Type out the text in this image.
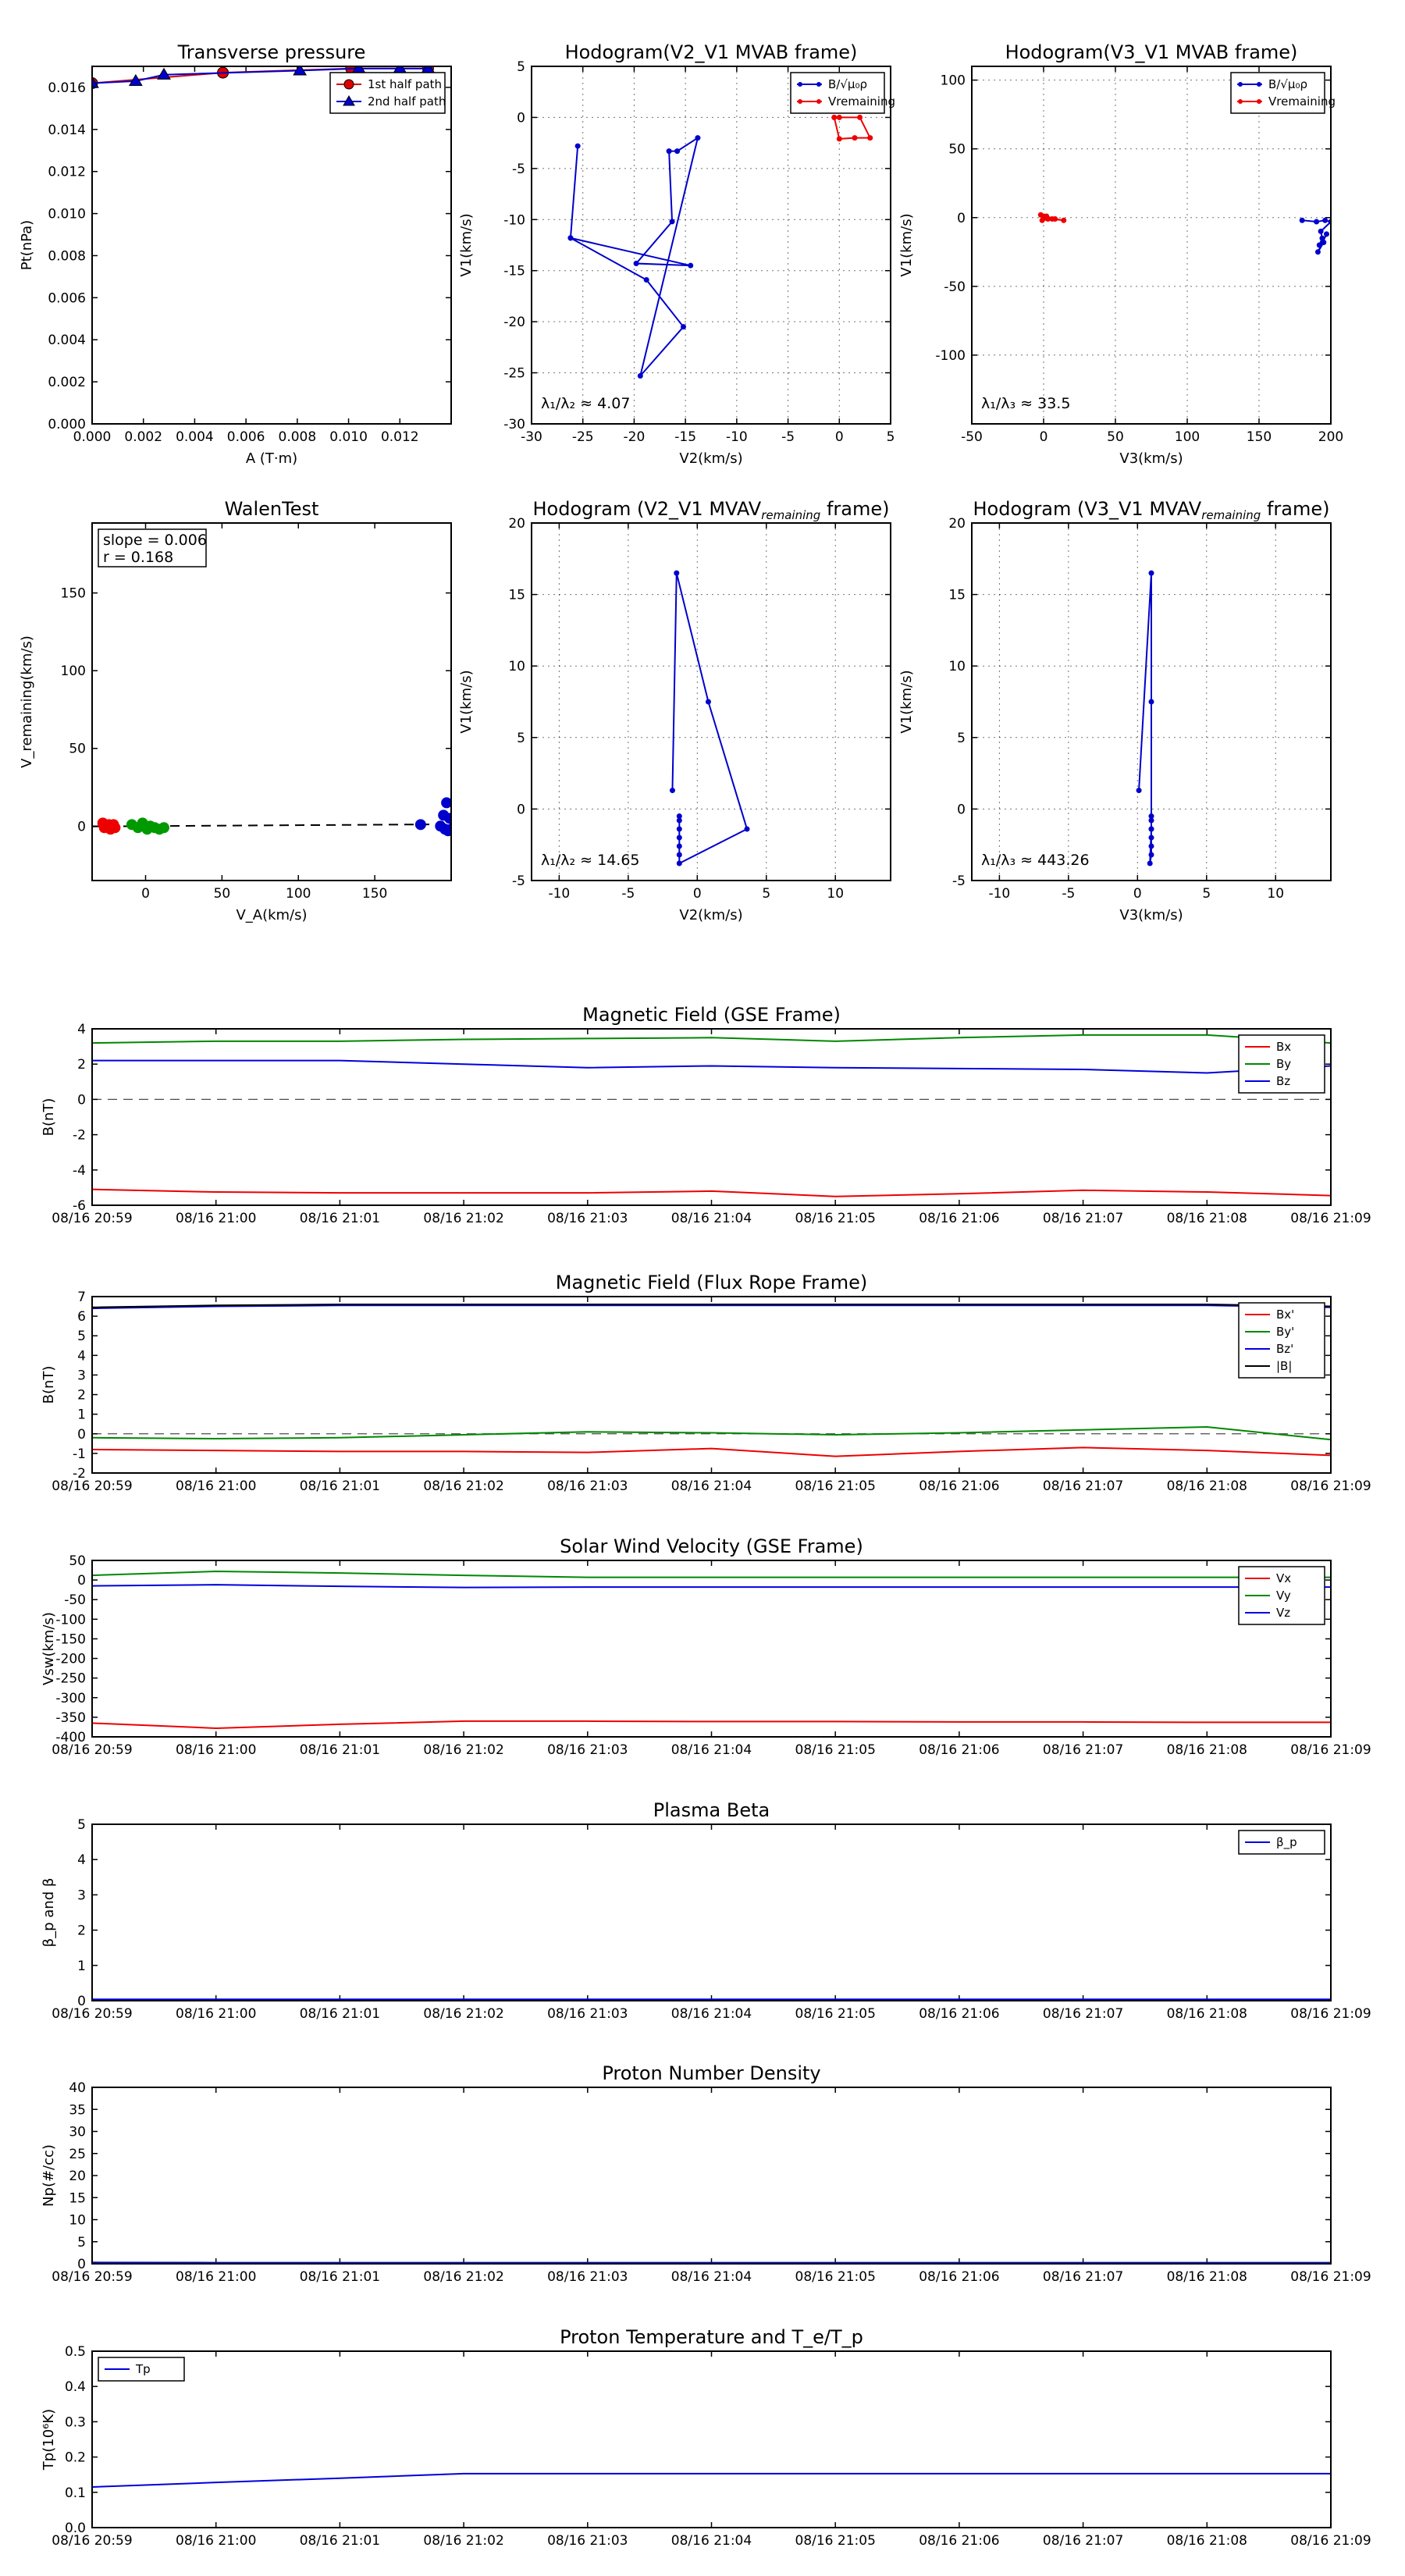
0.000 0.002 0.004 0.006 0.008 0.010 0.012
0.000
0.002
0.004
0.006
0.008
0.010
0.012
0.014
0.016
Transverse pressure
A (T·m)
Pt(nPa)
1st half path
2nd half path
-30 -25 -20 -15 -10	-5	0	5
-30
-25
-20
-15
-10
-5
0
5
Hodogram(V2_V1 MVAB frame)
V2(km/s)
V1(km/s)
λ₁/λ₂ ≈ 4.07
B/√μ₀ρ
Vremaining
-50	0	50	100	150	200
-100
-50
0
50
100
Hodogram(V3_V1 MVAB frame)
V3(km/s)
V1(km/s)
λ₁/λ₃ ≈ 33.5
B/√μ₀ρ
Vremaining
0	50	100	150
0
50
100
150
WalenTest
V_A(km/s)
V_remaining(km/s)
slope = 0.006
r = 0.168
-10	-5	0	5	10
-5
0
5
10
15
20
Hodogram (V2_V1 $MVAV_{remaining}$ frame)
V2(km/s)
V1(km/s)
λ₁/λ₂ ≈ 14.65
-10	-5	0	5	10
-5
0
5
10
15
20
Hodogram (V3_V1 $MVAV_{remaining}$ frame)
V3(km/s)
V1(km/s)
λ₁/λ₃ ≈ 443.26
08/16 20:59	08/16 21:00	08/16 21:01	08/16 21:02	08/16 21:03	08/16 21:04	08/16 21:05	08/16 21:06	08/16 21:07	08/16 21:08	08/16 21:09
-6
-4
-2
0
2
4
Magnetic Field (GSE Frame)
B(nT)
Bx
By
Bz
08/16 20:59	08/16 21:00	08/16 21:01	08/16 21:02	08/16 21:03	08/16 21:04	08/16 21:05	08/16 21:06	08/16 21:07	08/16 21:08	08/16 21:09
-2
-1
0
1
2
3
4
5
6
7
Magnetic Field (Flux Rope Frame)
B(nT)
Bx'
By'
Bz'
|B|
08/16 20:59	08/16 21:00	08/16 21:01	08/16 21:02	08/16 21:03	08/16 21:04	08/16 21:05	08/16 21:06	08/16 21:07	08/16 21:08	08/16 21:09
-400
-350
-300
-250
-200
-150
-100
-50
0
50
Solar Wind Velocity (GSE Frame)
Vsw(km/s)
Vx
Vy
Vz
08/16 20:59	08/16 21:00	08/16 21:01	08/16 21:02	08/16 21:03	08/16 21:04	08/16 21:05	08/16 21:06	08/16 21:07	08/16 21:08	08/16 21:09
0
1
2
3
4
5
Plasma Beta
β_p and β
β_p
08/16 20:59	08/16 21:00	08/16 21:01	08/16 21:02	08/16 21:03	08/16 21:04	08/16 21:05	08/16 21:06	08/16 21:07	08/16 21:08	08/16 21:09
0
5
10
15
20
25
30
35
40
Proton Number Density
Np(#/cc)
08/16 20:59	08/16 21:00	08/16 21:01	08/16 21:02	08/16 21:03	08/16 21:04	08/16 21:05	08/16 21:06	08/16 21:07	08/16 21:08	08/16 21:09
0.0
0.1
0.2
0.3
0.4
0.5
Proton Temperature and T_e/T_p
Tp(10⁶K)
Tp
